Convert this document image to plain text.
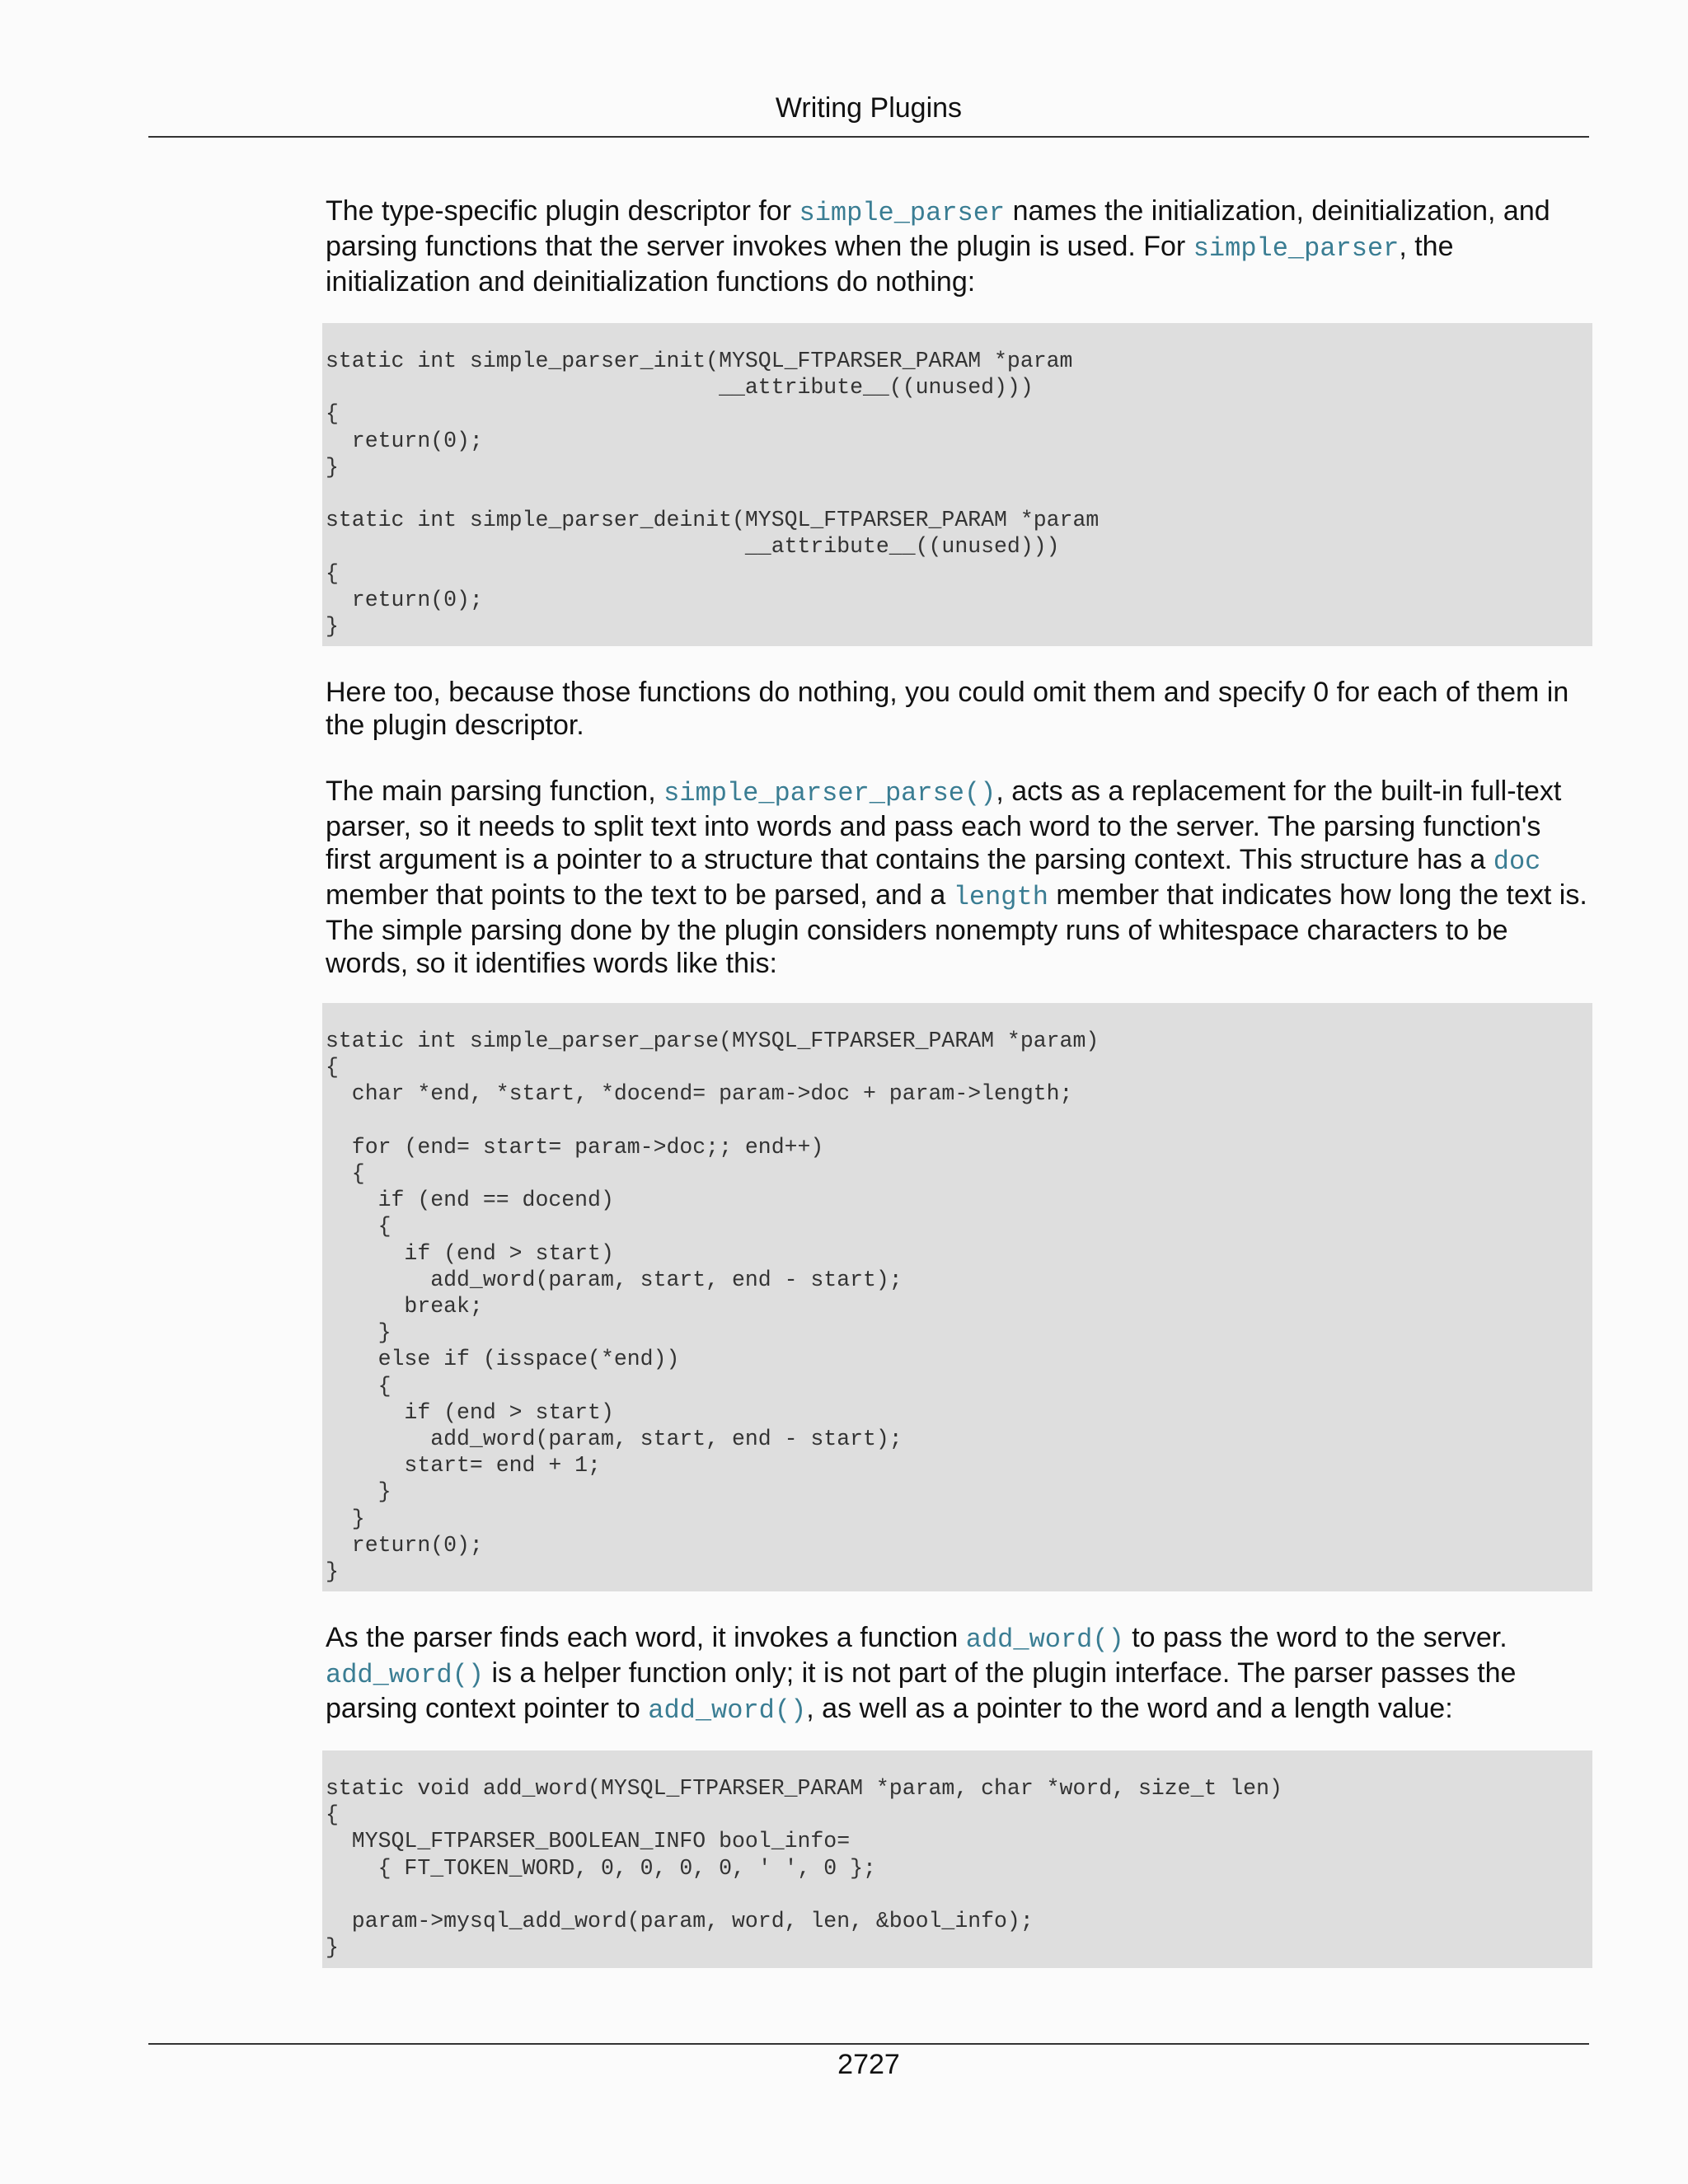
Writing Plugins

The type-specific plugin descriptor for simple_parser names the initialization, deinitialization, and parsing functions that the server invokes when the plugin is used. For simple_parser, the initialization and deinitialization functions do nothing:

static int simple_parser_init(MYSQL_FTPARSER_PARAM *param
__attribute__((unused)))
{
return(0);
}

static int simple_parser_deinit(MYSQL_FTPARSER_PARAM *param
__attribute__((unused)))
{
return(0);
}

Here too, because those functions do nothing, you could omit them and specify 0 for each of them in the plugin descriptor.

The main parsing function, simple_parser_parse(), acts as a replacement for the built-in full-text parser, so it needs to split text into words and pass each word to the server. The parsing function's first argument is a pointer to a structure that contains the parsing context. This structure has a doc member that points to the text to be parsed, and a length member that indicates how long the text is. The simple parsing done by the plugin considers nonempty runs of whitespace characters to be words, so it identifies words like this:

static int simple_parser_parse(MYSQL_FTPARSER_PARAM *param)
{
char *end, *start, *docend= param->doc + param->length;

for (end= start= param->doc;; end++)
{
if (end == docend)
{
if (end > start)
add_word(param, start, end - start);
break;
}
else if (isspace(*end))
{
if (end > start)
add_word(param, start, end - start);
start= end + 1;
}
}
return(0);
}

As the parser finds each word, it invokes a function add_word() to pass the word to the server. add_word() is a helper function only; it is not part of the plugin interface. The parser passes the parsing context pointer to add_word(), as well as a pointer to the word and a length value:

static void add_word(MYSQL_FTPARSER_PARAM *param, char *word, size_t len)
{
MYSQL_FTPARSER_BOOLEAN_INFO bool_info=
{ FT_TOKEN_WORD, 0, 0, 0, 0, ' ', 0 };

param->mysql_add_word(param, word, len, &bool_info);
}
2727
